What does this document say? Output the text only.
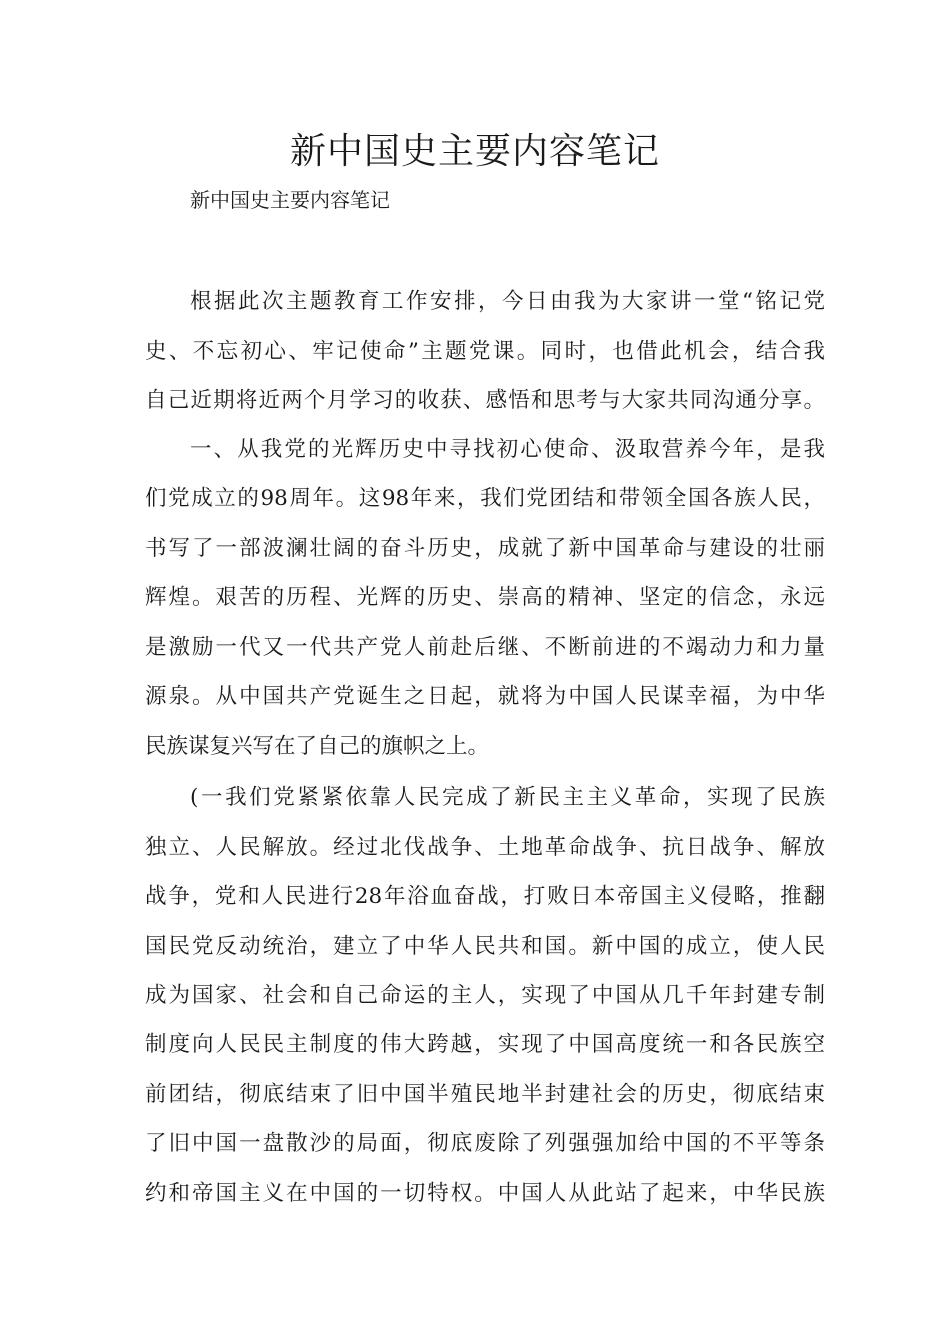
新中国史主要内容笔记

新中国史主要内容笔记

根据此次主题教育工作安排，今日由我为大家讲一堂“铭记党

史、不忘初心、牢记使命”主题党课。同时，也借此机会，结合我

自己近期将近两个月学习的收获、感悟和思考与大家共同沟通分享。

一、从我党的光辉历史中寻找初心使命、汲取营养今年，是我

们党成立的98周年。这98年来，我们党团结和带领全国各族人民，

书写了一部波澜壮阔的奋斗历史，成就了新中国革命与建设的壮丽

辉煌。艰苦的历程、光辉的历史、崇高的精神、坚定的信念，永远

是激励一代又一代共产党人前赴后继、不断前进的不竭动力和力量

源泉。从中国共产党诞生之日起，就将为中国人民谋幸福，为中华

民族谋复兴写在了自己的旗帜之上。

(一我们党紧紧依靠人民完成了新民主主义革命，实现了民族

独立、人民解放。经过北伐战争、土地革命战争、抗日战争、解放

战争，党和人民进行28年浴血奋战，打败日本帝国主义侵略，推翻

国民党反动统治，建立了中华人民共和国。新中国的成立，使人民

成为国家、社会和自己命运的主人，实现了中国从几千年封建专制

制度向人民民主制度的伟大跨越，实现了中国高度统一和各民族空

前团结，彻底结束了旧中国半殖民地半封建社会的历史，彻底结束

了旧中国一盘散沙的局面，彻底废除了列强强加给中国的不平等条

约和帝国主义在中国的一切特权。中国人从此站了起来，中华民族
